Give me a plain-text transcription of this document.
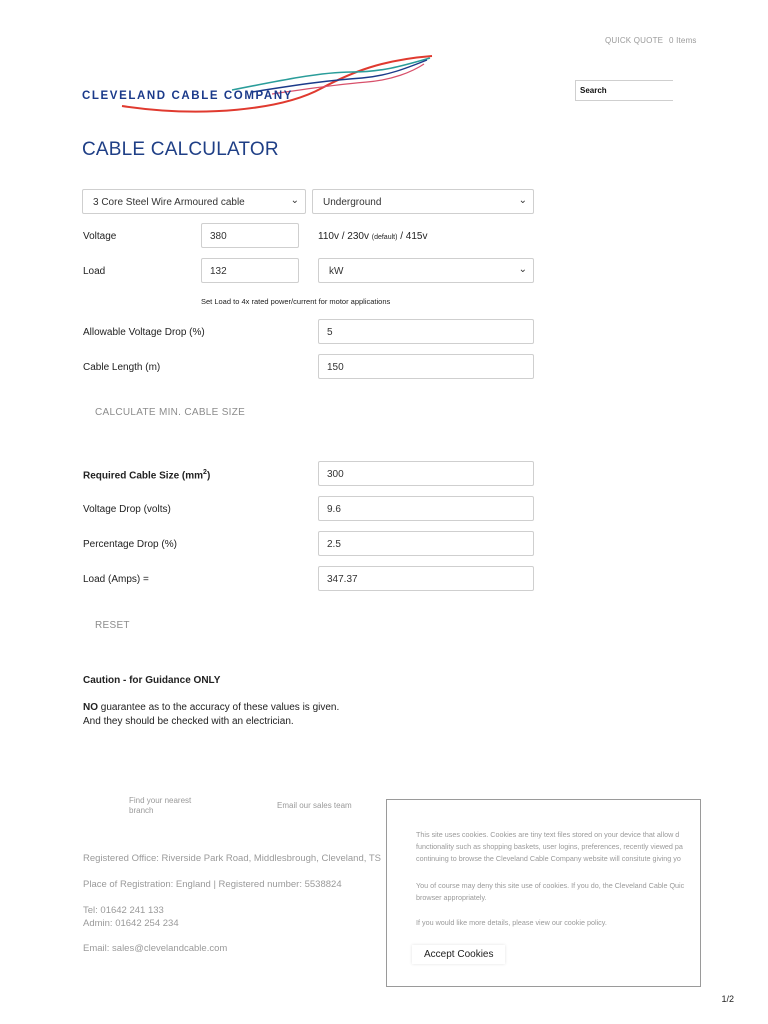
QUICK QUOTE 0 Items
CLEVELAND CABLE COMPANY	Search
CABLE CALCULATOR
3 Core Steel Wire Armoured cable	⌄	Underground	⌄
Voltage	380	110v / 230v (default) / 415v
Load	132	kW	⌄
Set Load to 4x rated power/current for motor applications
Allowable Voltage Drop (%)	5
Cable Length (m)	150
CALCULATE MIN. CABLE SIZE
Required Cable Size $(mm^2)$	300
Voltage Drop (volts)	9.6
Percentage Drop (%)	2.5
Load (Amps) =	347.37
RESET
Caution - for Guidance ONLY
NO guarantee as to the accuracy of these values is given.
And they should be checked with an electrician.
Find your nearest
branch
Email our sales team
Registered Office: Riverside Park Road, Middlesbrough, Cleveland, TS
Place of Registration: England | Registered number: 5538824
Tel: 01642 241 133
Admin: 01642 254 234
Email: sales@clevelandcable.com

This site uses cookies. Cookies are tiny text files stored on your device that allow d

functionality such as shopping baskets, user logins, preferences, recently viewed pa

continuing to browse the Cleveland Cable Company website will consitute giving yo

You of course may deny this site use of cookies. If you do, the Cleveland Cable Quic

browser appropriately.

If you would like more details, please view our cookie policy.

Accept Cookies
1/2
